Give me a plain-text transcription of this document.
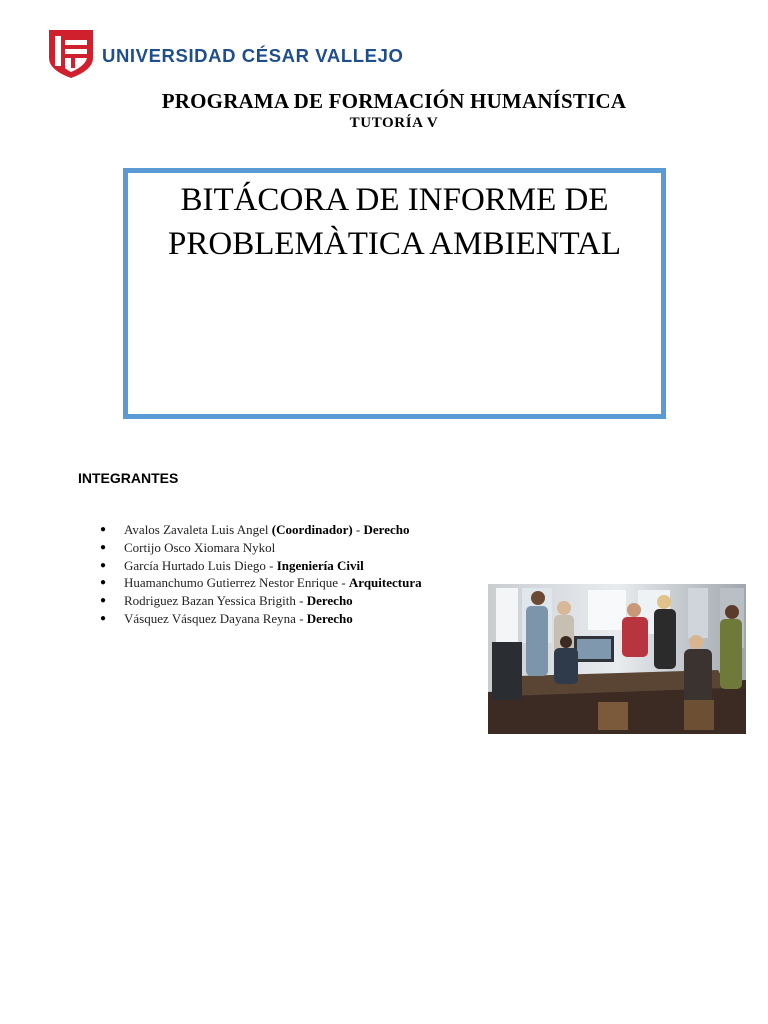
UNIVERSIDAD CÉSAR VALLEJO
PROGRAMA DE FORMACIÓN HUMANÍSTICA
TUTORÍA V
BITÁCORA DE INFORME DE
PROBLEMÀTICA AMBIENTAL
INTEGRANTES
● Avalos Zavaleta Luis Angel (Coordinador) - Derecho
● Cortijo Osco Xiomara Nykol
● García Hurtado Luis Diego - Ingeniería Civil
● Huamanchumo Gutierrez Nestor Enrique - Arquitectura
● Rodriguez Bazan Yessica Brigith - Derecho
● Vásquez Vásquez Dayana Reyna - Derecho
